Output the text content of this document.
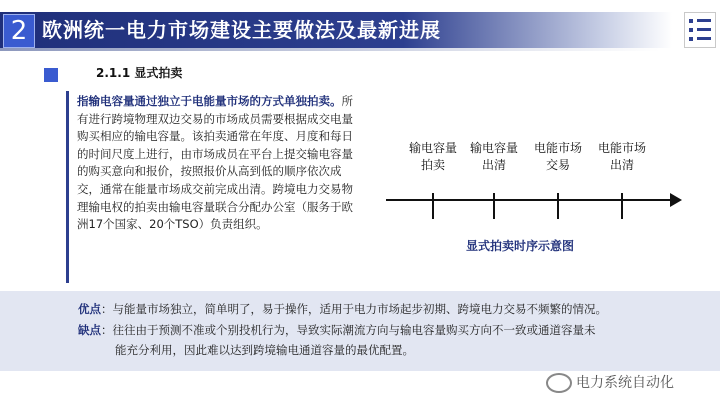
2 欧洲统一电力市场建设主要做法及最新进展
2.1.1 显式拍卖
指输电容量通过独立于电能量市场的方式单独拍卖。所有进行跨境物理双边交易的市场成员需要根据成交电量购买相应的输电容量。该拍卖通常在年度、月度和每日的时间尺度上进行，由市场成员在平台上提交输电容量的购买意向和报价，按照报价从高到低的顺序依次成交，通常在能量市场成交前完成出清。跨境电力交易物理输电权的拍卖由输电容量联合分配办公室（服务于欧洲17个国家、20个TSO）负责组织。
输电容量
拍卖
输电容量
出清
电能市场
交易
电能市场
出清
显式拍卖时序示意图
优点：与能量市场独立，简单明了，易于操作，适用于电力市场起步初期、跨境电力交易不频繁的情况。
缺点：往往由于预测不准或个别投机行为，导致实际潮流方向与输电容量购买方向不一致或通道容量未
能充分利用，因此难以达到跨境输电通道容量的最优配置。
电力系统自动化
